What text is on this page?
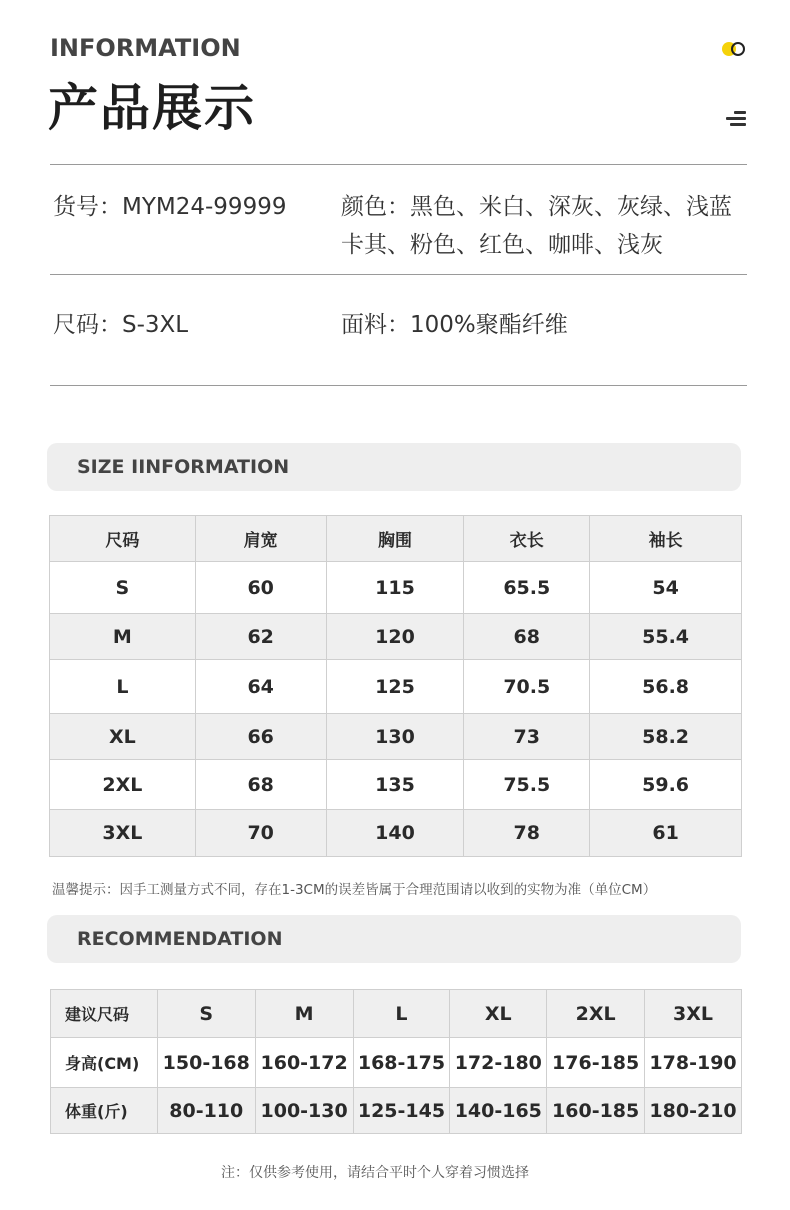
INFORMATION
产品展示
货号：MYM24-99999 颜色：黑色、米白、深灰、灰绿、浅蓝
卡其、粉色、红色、咖啡、浅灰
尺码：S-3XL	面料：100%聚酯纤维
SIZE IINFORMATION
尺码	肩宽	胸围	衣长	袖长
S	60	115	65.5	54
M	62	120	68	55.4
L	64	125	70.5	56.8
XL	66	130	73	58.2
2XL	68	135	75.5	59.6
3XL	70	140	78	61
温馨提示：因手工测量方式不同，存在1-3CM的误差皆属于合理范围请以收到的实物为准（单位CM）
RECOMMENDATION
建议尺码	S	M	L	XL	2XL	3XL
身高(CM)	150-168	160-172	168-175	172-180	176-185	178-190
体重(斤)	80-110	100-130	125-145	140-165	160-185	180-210
注：仅供参考使用，请结合平时个人穿着习惯选择
